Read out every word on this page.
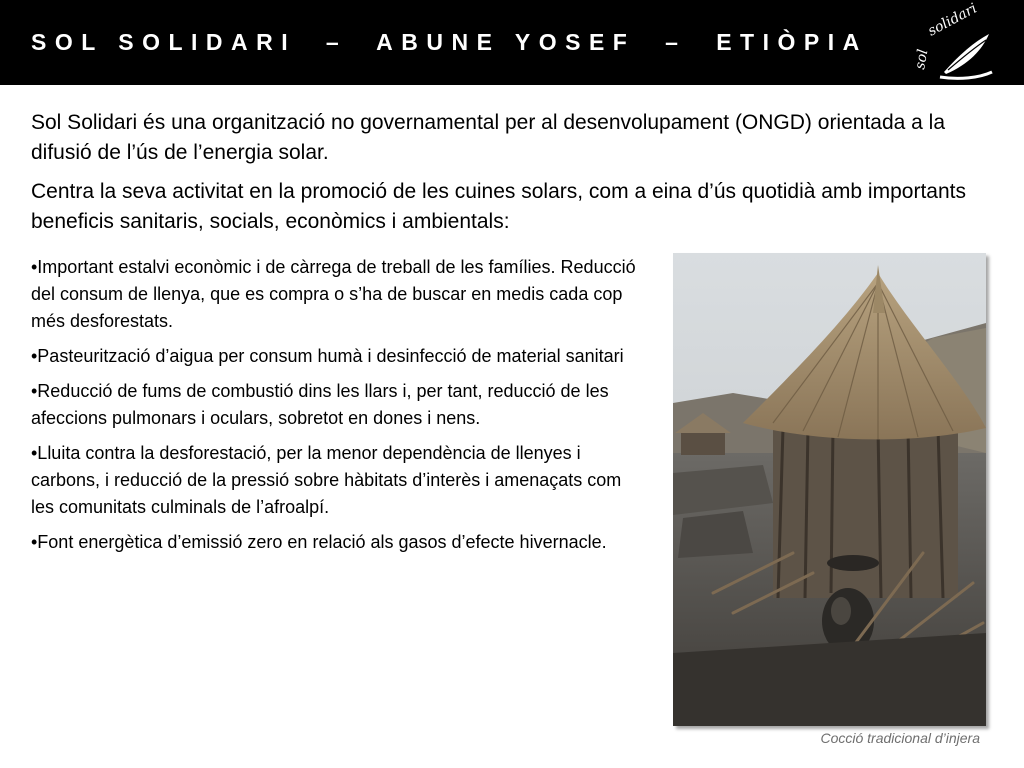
SOL SOLIDARI  –  ABUNE YOSEF  –  ETIÒPIA
sol
solidari
Sol Solidari és una organització no governamental per al desenvolupament (ONGD) orientada a la difusió de l’ús de l’energia solar.
Centra la seva activitat en la promoció de les cuines solars, com a eina d’ús quotidià amb importants beneficis sanitaris, socials, econòmics i ambientals:

•Important estalvi econòmic i de càrrega de treball de les famílies. Reducció del consum de llenya, que es compra o s’ha de buscar en medis cada cop més desforestats.

•Pasteurització d’aigua per consum humà i desinfecció de material sanitari

•Reducció de fums de combustió dins les llars i, per tant, reducció de les afeccions pulmonars i oculars, sobretot en dones i nens.

•Lluita contra la desforestació, per la menor dependència de llenyes i carbons, i reducció de la pressió sobre hàbitats d’interès i amenaçats com les comunitats culminals de l’afroalpí.

•Font energètica d’emissió zero en relació als gasos d’efecte hivernacle.

Cocció tradicional d’injera
